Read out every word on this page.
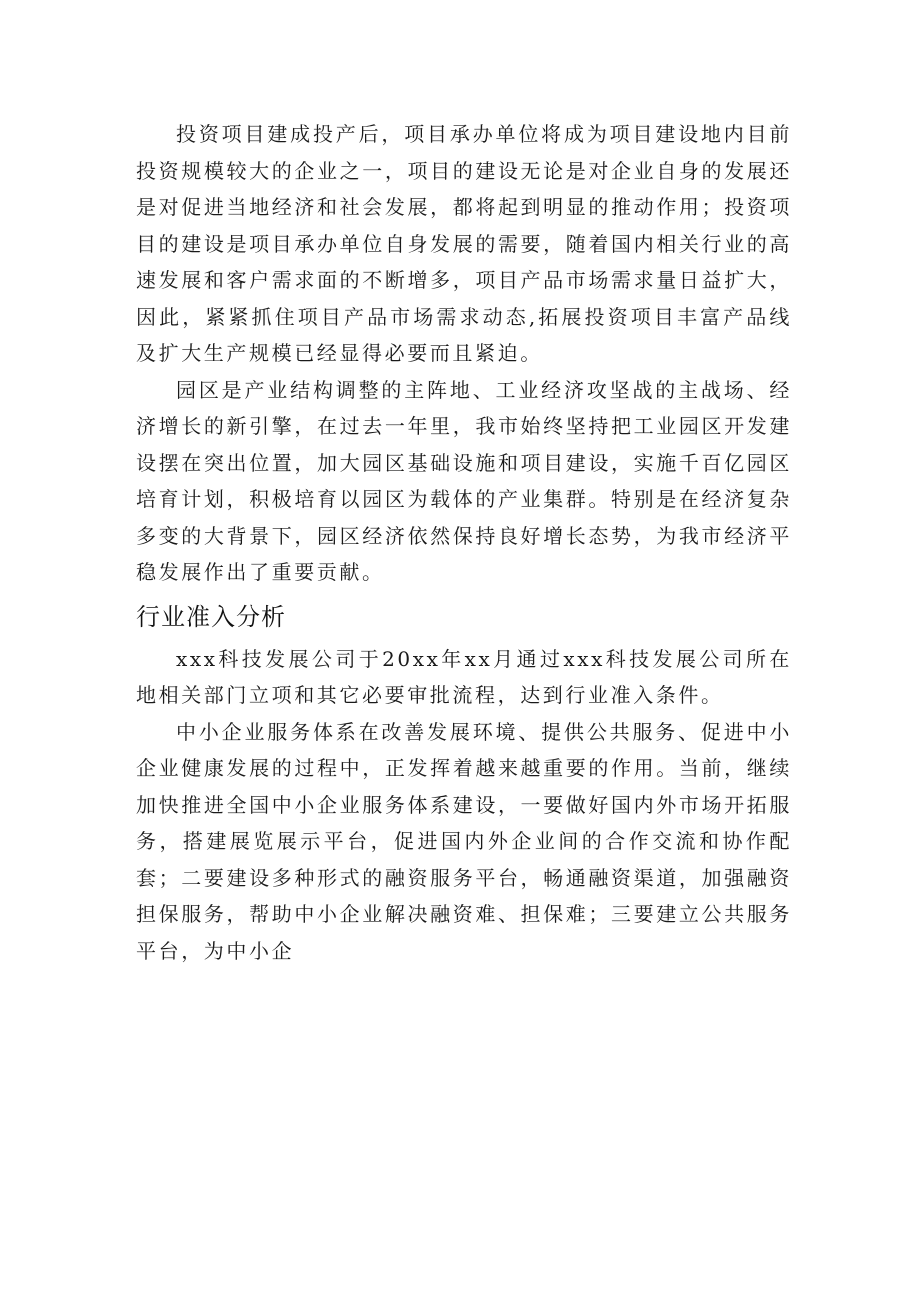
投资项目建成投产后，项目承办单位将成为项目建设地内目前投资规模较大的企业之一，项目的建设无论是对企业自身的发展还是对促进当地经济和社会发展，都将起到明显的推动作用；投资项目的建设是项目承办单位自身发展的需要，随着国内相关行业的高速发展和客户需求面的不断增多，项目产品市场需求量日益扩大，因此，紧紧抓住项目产品市场需求动态,拓展投资项目丰富产品线及扩大生产规模已经显得必要而且紧迫。

园区是产业结构调整的主阵地、工业经济攻坚战的主战场、经济增长的新引擎，在过去一年里，我市始终坚持把工业园区开发建设摆在突出位置，加大园区基础设施和项目建设，实施千百亿园区培育计划，积极培育以园区为载体的产业集群。特别是在经济复杂多变的大背景下，园区经济依然保持良好增长态势，为我市经济平稳发展作出了重要贡献。

行业准入分析

xxx科技发展公司于20xx年xx月通过xxx科技发展公司所在地相关部门立项和其它必要审批流程，达到行业准入条件。

中小企业服务体系在改善发展环境、提供公共服务、促进中小企业健康发展的过程中，正发挥着越来越重要的作用。当前，继续加快推进全国中小企业服务体系建设，一要做好国内外市场开拓服务，搭建展览展示平台，促进国内外企业间的合作交流和协作配套；二要建设多种形式的融资服务平台，畅通融资渠道，加强融资担保服务，帮助中小企业解决融资难、担保难；三要建立公共服务平台，为中小企
